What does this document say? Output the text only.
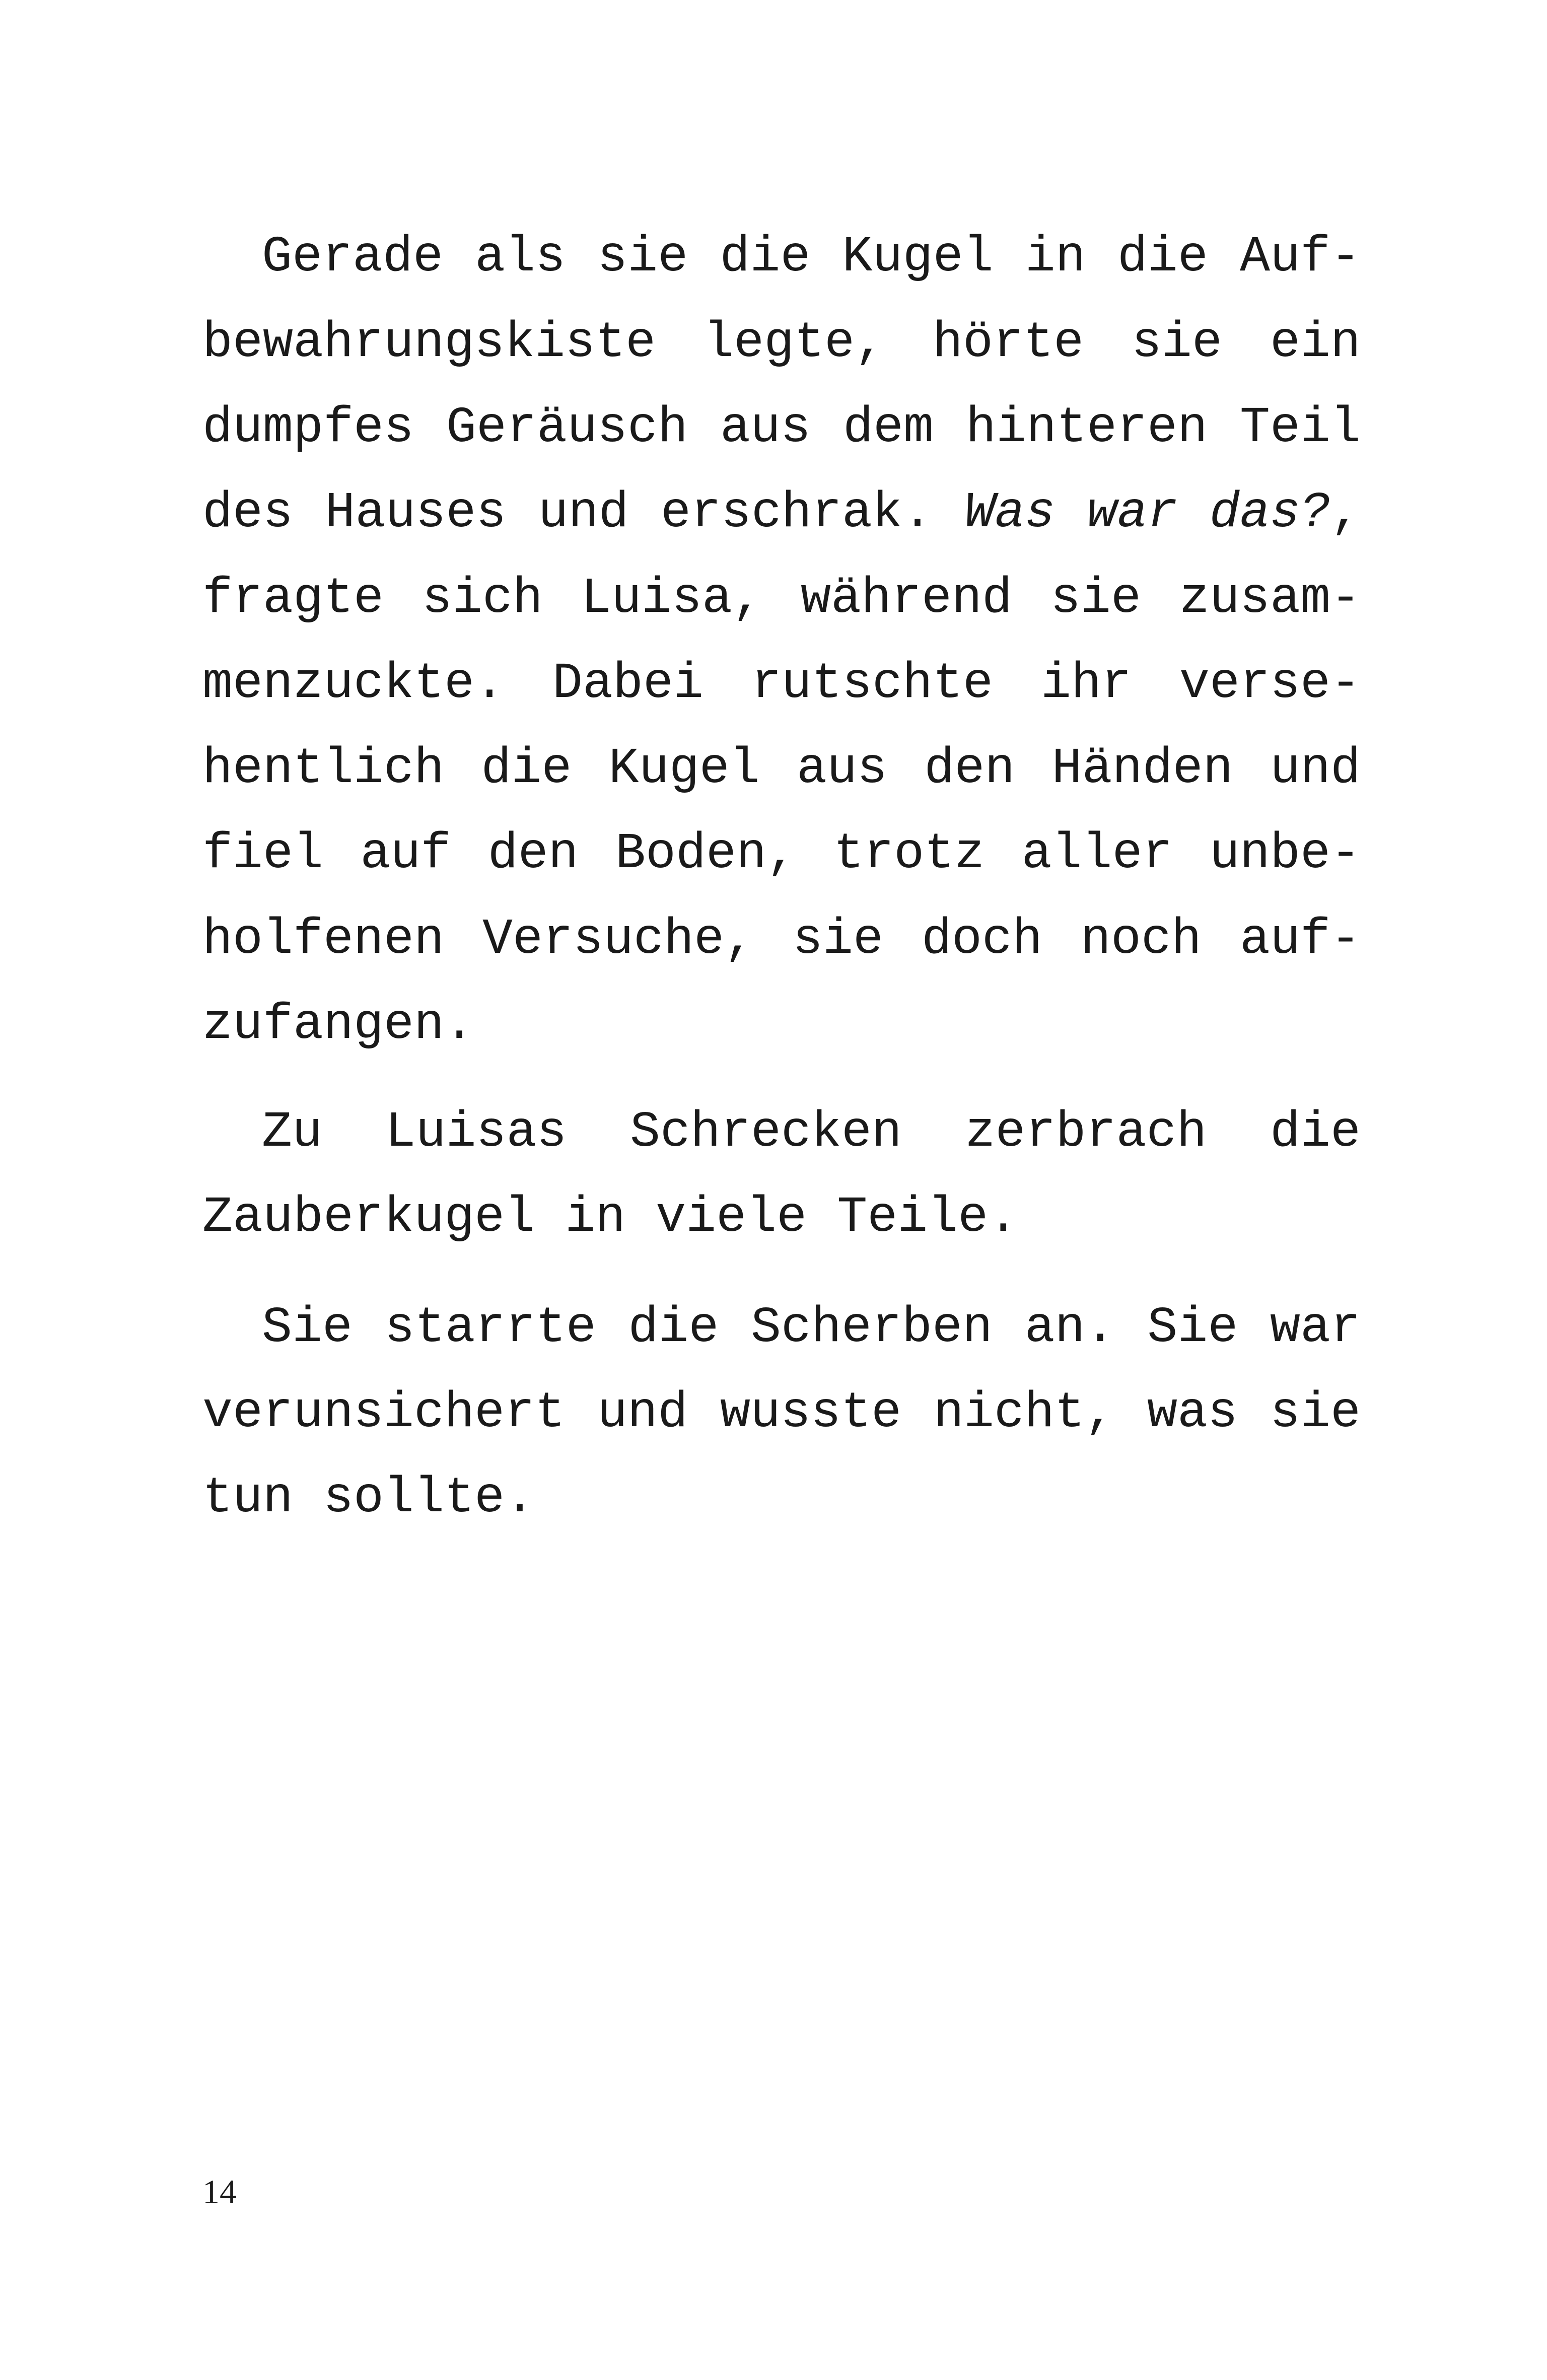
Gerade als sie die Kugel in die Auf-
bewahrungskiste legte, hörte sie ein
dumpfes Geräusch aus dem hinteren Teil
des Hauses und erschrak. Was war das?,
fragte sich Luisa, während sie zusam-
menzuckte. Dabei rutschte ihr verse-
hentlich die Kugel aus den Händen und
fiel auf den Boden, trotz aller unbe-
holfenen Versuche, sie doch noch auf-
zufangen.
Zu Luisas Schrecken zerbrach die
Zauberkugel in viele Teile.
Sie starrte die Scherben an. Sie war
verunsichert und wusste nicht, was sie
tun sollte.
14
